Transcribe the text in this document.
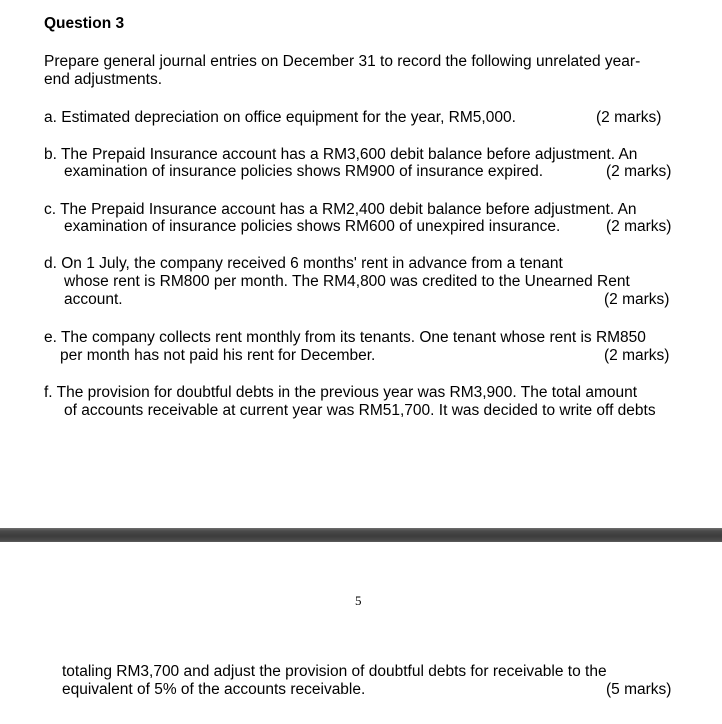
Question 3
Prepare general journal entries on December 31 to record the following unrelated year-
end adjustments.
a. Estimated depreciation on office equipment for the year, RM5,000.	(2 marks)
b. The Prepaid Insurance account has a RM3,600 debit balance before adjustment. An
examination of insurance policies shows RM900 of insurance expired.	(2 marks)
c. The Prepaid Insurance account has a RM2,400 debit balance before adjustment. An
examination of insurance policies shows RM600 of unexpired insurance.	(2 marks)
d. On 1 July, the company received 6 months' rent in advance from a tenant
whose rent is RM800 per month. The RM4,800 was credited to the Unearned Rent
account.	(2 marks)
e. The company collects rent monthly from its tenants. One tenant whose rent is RM850
per month has not paid his rent for December.	(2 marks)
f. The provision for doubtful debts in the previous year was RM3,900. The total amount
of accounts receivable at current year was RM51,700. It was decided to write off debts
5
totaling RM3,700 and adjust the provision of doubtful debts for receivable to the
equivalent of 5% of the accounts receivable.	(5 marks)
